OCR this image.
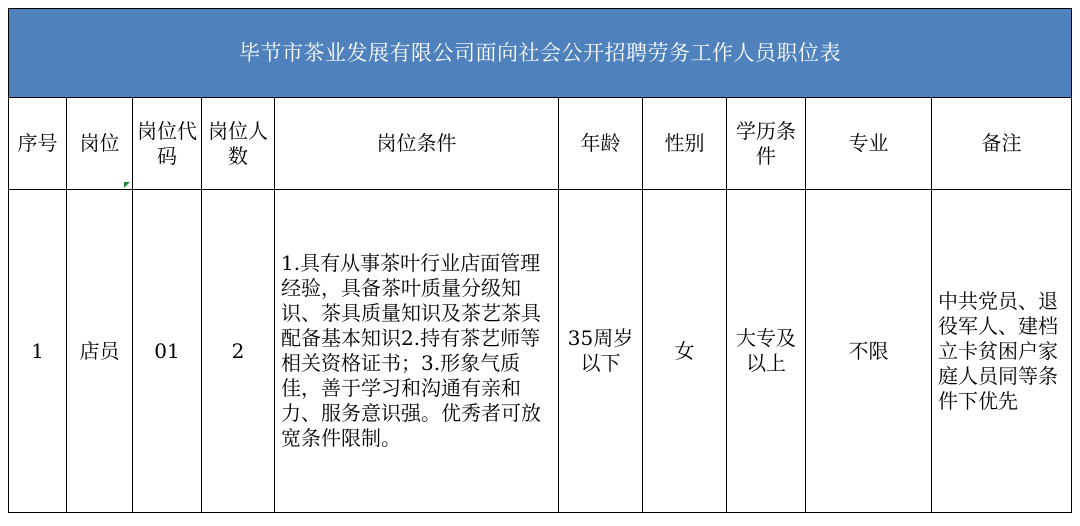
毕节市茶业发展有限公司面向社会公开招聘劳务工作人员职位表									
序号	岗位	岗位代码	岗位人数	岗位条件	年龄	性别	学历条件	专业	备注
1	店员	01	2	1.具有从事茶叶行业店面管理经验，具备茶叶质量分级知识、茶具质量知识及茶艺茶具配备基本知识2.持有茶艺师等相关资格证书；3.形象气质佳，善于学习和沟通有亲和力、服务意识强。优秀者可放宽条件限制。	35周岁以下	女	大专及以上	不限	中共党员、退役军人、建档立卡贫困户家庭人员同等条件下优先
